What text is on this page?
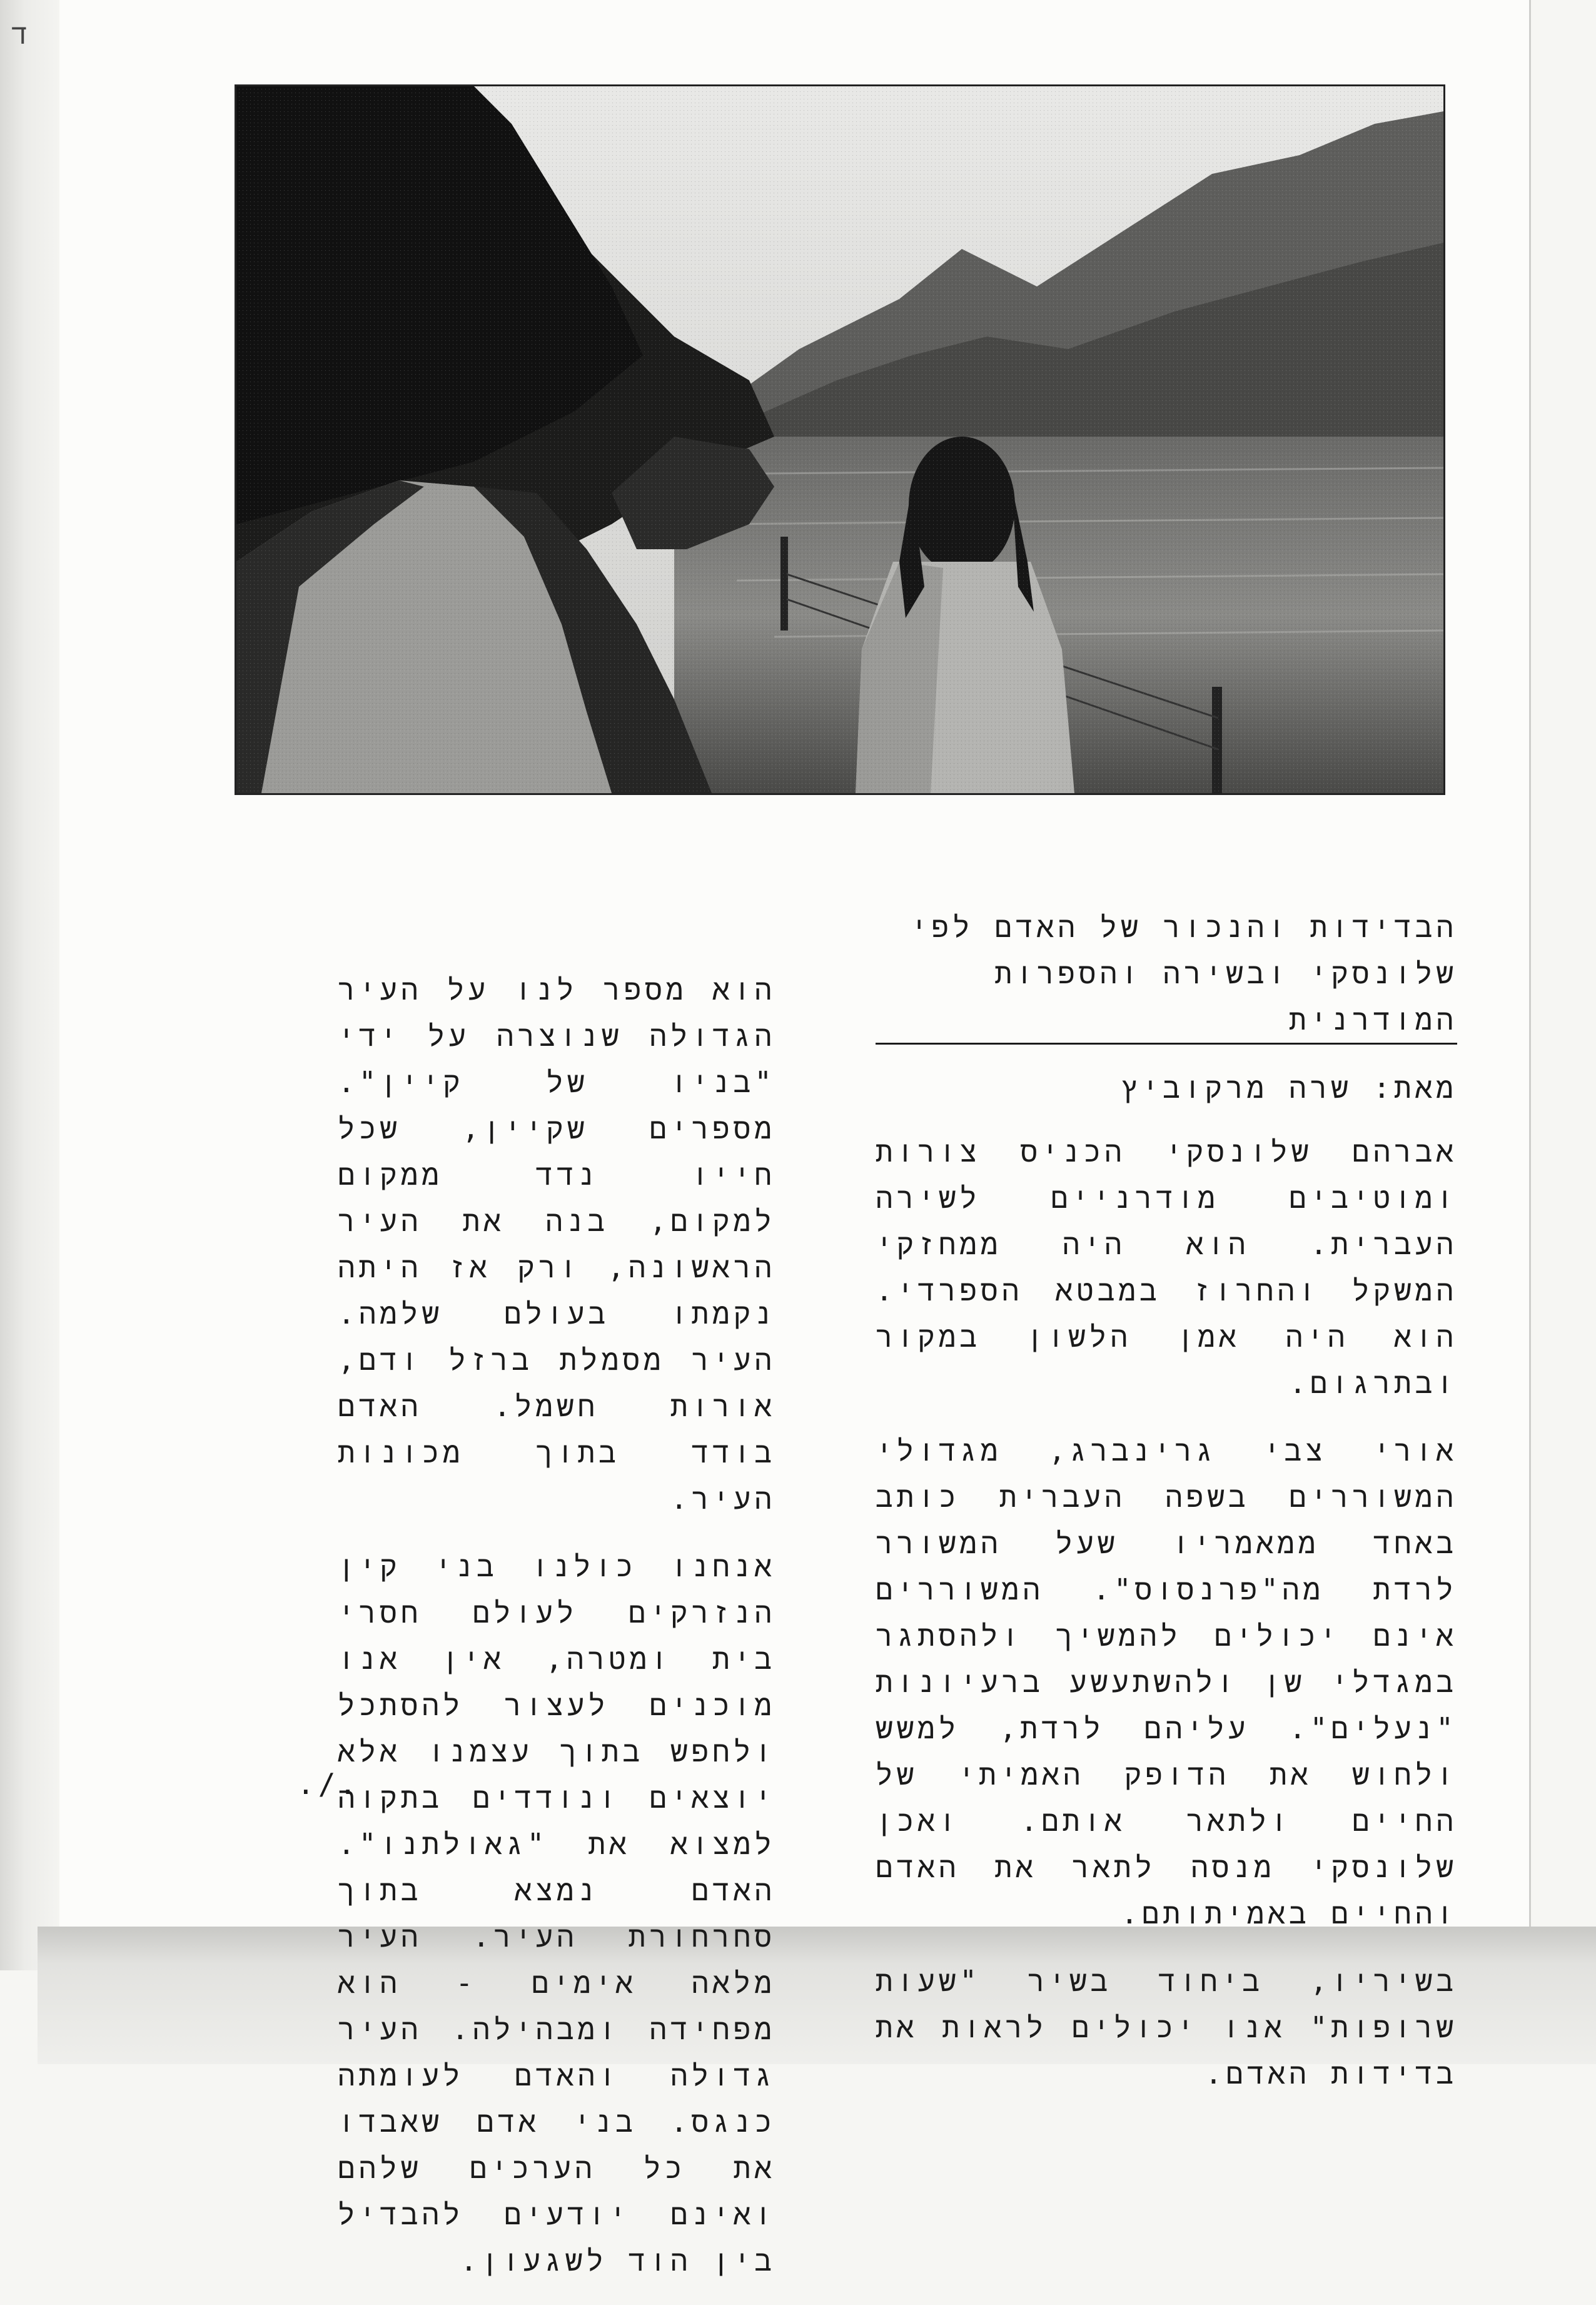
ד
הבדידות והנכור של האדם לפי
שלונסקי ובשירה והספרות המודרנית
מאת: שרה מרקוביץ
אברהם שלונסקי הכניס צורות ומוטיבים מודרניים לשירה העברית. הוא היה ממחזקי המשקל והחרוז במבטא הספרדי. הוא היה אמן הלשון במקור ובתרגום.
אורי צבי גרינברג, מגדולי המשוררים בשפה העברית כותב באחד ממאמריו שעל המשורר לרדת מה"פרנסוס". המשוררים אינם יכולים להמשיך ולהסתגר במגדלי שן ולהשתעשע ברעיונות "נעלים". עליהם לרדת, למשש ולחוש את הדופק האמיתי של החיים ולתאר אותם. ואכן שלונסקי מנסה לתאר את האדם והחיים באמיתותם.
בשיריו, ביחוד בשיר "שעות שרופות" אנו יכולים לראות את בדידות האדם.
הוא מספר לנו על העיר הגדולה שנוצרה על ידי "בניו של קיין". מספרים שקיין, שכל חייו נדד ממקום למקום, בנה את העיר הראשונה, ורק אז היתה נקמתו בעולם שלמה. העיר מסמלת ברזל ודם, אורות חשמל. האדם בודד בתוך מכונות העיר.
אנחנו כולנו בני קין הנזרקים לעולם חסרי בית ומטרה, אין אנו מוכנים לעצור להסתכל ולחפש בתוך עצמנו אלא יוצאים ונודדים בתקוה למצוא את "גאולתנו". האדם נמצא בתוך סחרחורת העיר. העיר מלאה אימים - הוא מפחידה ומבהילה. העיר גדולה והאדם לעומתה כנגס. בני אדם שאבדו את כל הערכים שלהם ואינם יודעים להבדיל בין הוד לשגעון.
./.
